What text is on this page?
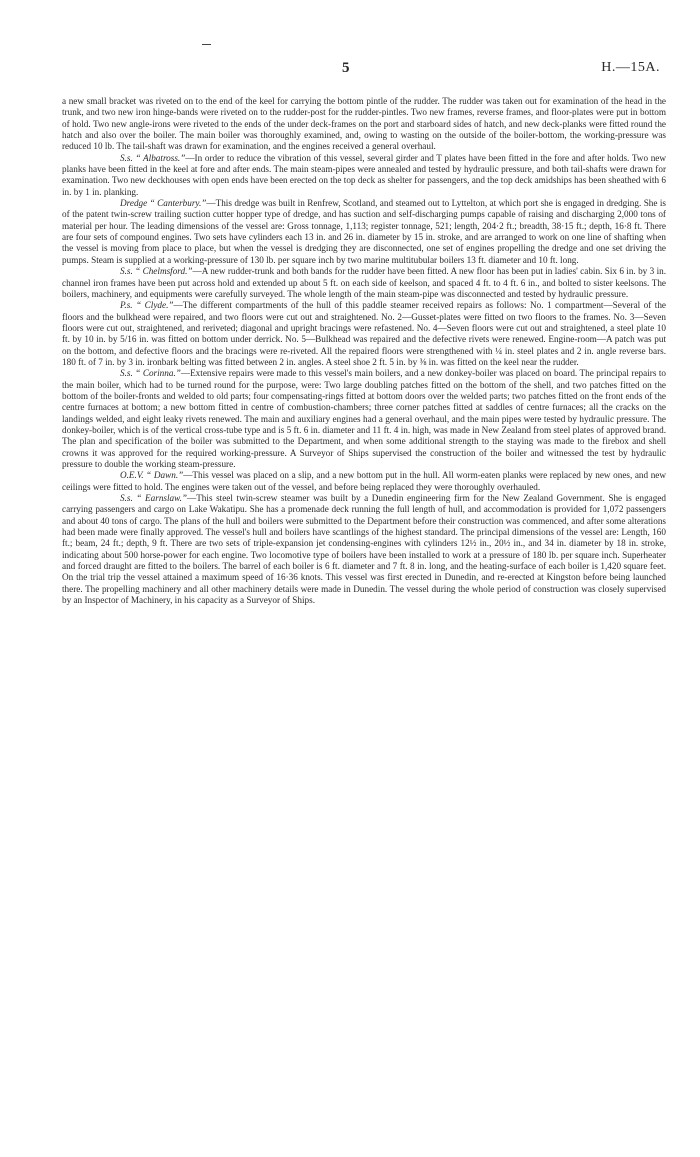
5	H.—15A.

a new small bracket was riveted on to the end of the keel for carrying the bottom pintle of the rudder. The rudder was taken out for examination of the head in the trunk, and two new iron hinge-bands were riveted on to the rudder-post for the rudder-pintles. Two new frames, reverse frames, and floor-plates were put in bottom of hold. Two new angle-irons were riveted to the ends of the under deck-frames on the port and starboard sides of hatch, and new deck-planks were fitted round the hatch and also over the boiler. The main boiler was thoroughly examined, and, owing to wasting on the outside of the boiler-bottom, the working-pressure was reduced 10 lb. The tail-shaft was drawn for examination, and the engines received a general overhaul.

S.s. “ Albatross.”—In order to reduce the vibration of this vessel, several girder and T plates have been fitted in the fore and after holds. Two new planks have been fitted in the keel at fore and after ends. The main steam-pipes were annealed and tested by hydraulic pressure, and both tail-shafts were drawn for examination. Two new deckhouses with open ends have been erected on the top deck as shelter for passengers, and the top deck amidships has been sheathed with 6 in. by 1 in. planking.

Dredge “ Canterbury.”—This dredge was built in Renfrew, Scotland, and steamed out to Lyttelton, at which port she is engaged in dredging. She is of the patent twin-screw trailing suction cutter hopper type of dredge, and has suction and self-discharging pumps capable of raising and discharging 2,000 tons of material per hour. The leading dimensions of the vessel are: Gross tonnage, 1,113; register tonnage, 521; length, 204·2 ft.; breadth, 38·15 ft.; depth, 16·8 ft. There are four sets of compound engines. Two sets have cylinders each 13 in. and 26 in. diameter by 15 in. stroke, and are arranged to work on one line of shafting when the vessel is moving from place to place, but when the vessel is dredging they are disconnected, one set of engines propelling the dredge and one set driving the pumps. Steam is supplied at a working-pressure of 130 lb. per square inch by two marine multitubular boilers 13 ft. diameter and 10 ft. long.

S.s. “ Chelmsford.”—A new rudder-trunk and both bands for the rudder have been fitted. A new floor has been put in ladies' cabin. Six 6 in. by 3 in. channel iron frames have been put across hold and extended up about 5 ft. on each side of keelson, and spaced 4 ft. to 4 ft. 6 in., and bolted to sister keelsons. The boilers, machinery, and equipments were carefully surveyed. The whole length of the main steam-pipe was disconnected and tested by hydraulic pressure.

P.s. “ Clyde.”—The different compartments of the hull of this paddle steamer received repairs as follows: No. 1 compartment—Several of the floors and the bulkhead were repaired, and two floors were cut out and straightened. No. 2—Gusset-plates were fitted on two floors to the frames. No. 3—Seven floors were cut out, straightened, and reriveted; diagonal and upright bracings were refastened. No. 4—Seven floors were cut out and straightened, a steel plate 10 ft. by 10 in. by 5/16 in. was fitted on bottom under derrick. No. 5—Bulkhead was repaired and the defective rivets were renewed. Engine-room—A patch was put on the bottom, and defective floors and the bracings were re-riveted. All the repaired floors were strengthened with ¼ in. steel plates and 2 in. angle reverse bars. 180 ft. of 7 in. by 3 in. ironbark belting was fitted between 2 in. angles. A steel shoe 2 ft. 5 in. by ⅜ in. was fitted on the keel near the rudder.

S.s. “ Corinna.”—Extensive repairs were made to this vessel's main boilers, and a new donkey-boiler was placed on board. The principal repairs to the main boiler, which had to be turned round for the purpose, were: Two large doubling patches fitted on the bottom of the shell, and two patches fitted on the bottom of the boiler-fronts and welded to old parts; four compensating-rings fitted at bottom doors over the welded parts; two patches fitted on the front ends of the centre furnaces at bottom; a new bottom fitted in centre of combustion-chambers; three corner patches fitted at saddles of centre furnaces; all the cracks on the landings welded, and eight leaky rivets renewed. The main and auxiliary engines had a general overhaul, and the main pipes were tested by hydraulic pressure. The donkey-boiler, which is of the vertical cross-tube type and is 5 ft. 6 in. diameter and 11 ft. 4 in. high, was made in New Zealand from steel plates of approved brand. The plan and specification of the boiler was submitted to the Department, and when some additional strength to the staying was made to the firebox and shell crowns it was approved for the required working-pressure. A Surveyor of Ships supervised the construction of the boiler and witnessed the test by hydraulic pressure to double the working steam-pressure.

O.E.V. “ Dawn.”—This vessel was placed on a slip, and a new bottom put in the hull. All worm-eaten planks were replaced by new ones, and new ceilings were fitted to hold. The engines were taken out of the vessel, and before being replaced they were thoroughly overhauled.

S.s. “ Earnslaw.”—This steel twin-screw steamer was built by a Dunedin engineering firm for the New Zealand Government. She is engaged carrying passengers and cargo on Lake Wakatipu. She has a promenade deck running the full length of hull, and accommodation is provided for 1,072 passengers and about 40 tons of cargo. The plans of the hull and boilers were submitted to the Department before their construction was commenced, and after some alterations had been made were finally approved. The vessel's hull and boilers have scantlings of the highest standard. The principal dimensions of the vessel are: Length, 160 ft.; beam, 24 ft.; depth, 9 ft. There are two sets of triple-expansion jet condensing-engines with cylinders 12½ in., 20½ in., and 34 in. diameter by 18 in. stroke, indicating about 500 horse-power for each engine. Two locomotive type of boilers have been installed to work at a pressure of 180 lb. per square inch. Superheater and forced draught are fitted to the boilers. The barrel of each boiler is 6 ft. diameter and 7 ft. 8 in. long, and the heating-surface of each boiler is 1,420 square feet. On the trial trip the vessel attained a maximum speed of 16·36 knots. This vessel was first erected in Dunedin, and re-erected at Kingston before being launched there. The propelling machinery and all other machinery details were made in Dunedin. The vessel during the whole period of construction was closely supervised by an Inspector of Machinery, in his capacity as a Surveyor of Ships.
